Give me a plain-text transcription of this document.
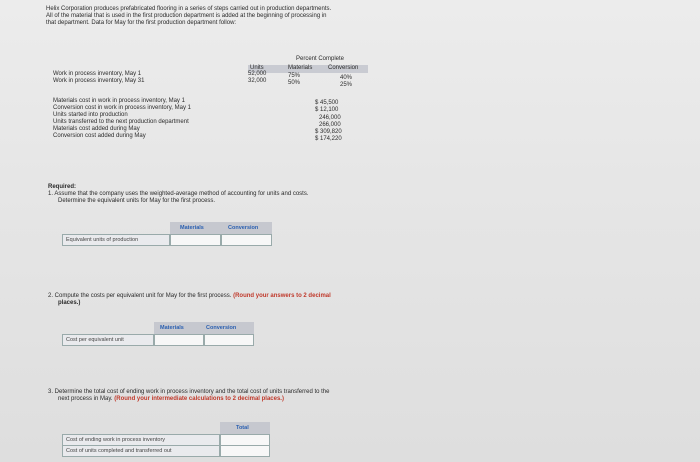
Helix Corporation produces prefabricated flooring in a series of steps carried out in production departments.
All of the material that is used in the first production department is added at the beginning of processing in
that department. Data for May for the first production department follow:
Percent Complete
Units	Materials	Conversion
Work in process inventory, May 1	52,000	75%	40%
Work in process inventory, May 31	32,000	50%	25%
Materials cost in work in process inventory, May 1	$ 45,500
Conversion cost in work in process inventory, May 1	$ 12,100
Units started into production	246,000
Units transferred to the next production department	266,000
Materials cost added during May	$ 309,820
Conversion cost added during May	$ 174,220
Required:
1. Assume that the company uses the weighted-average method of accounting for units and costs.
Determine the equivalent units for May for the first process.
Materials	Conversion
Equivalent units of production
2. Compute the costs per equivalent unit for May for the first process. (Round your answers to 2 decimal
places.)
Materials	Conversion
Cost per equivalent unit
3. Determine the total cost of ending work in process inventory and the total cost of units transferred to the
next process in May. (Round your intermediate calculations to 2 decimal places.)
Total
Cost of ending work in process inventory
Cost of units completed and transferred out
